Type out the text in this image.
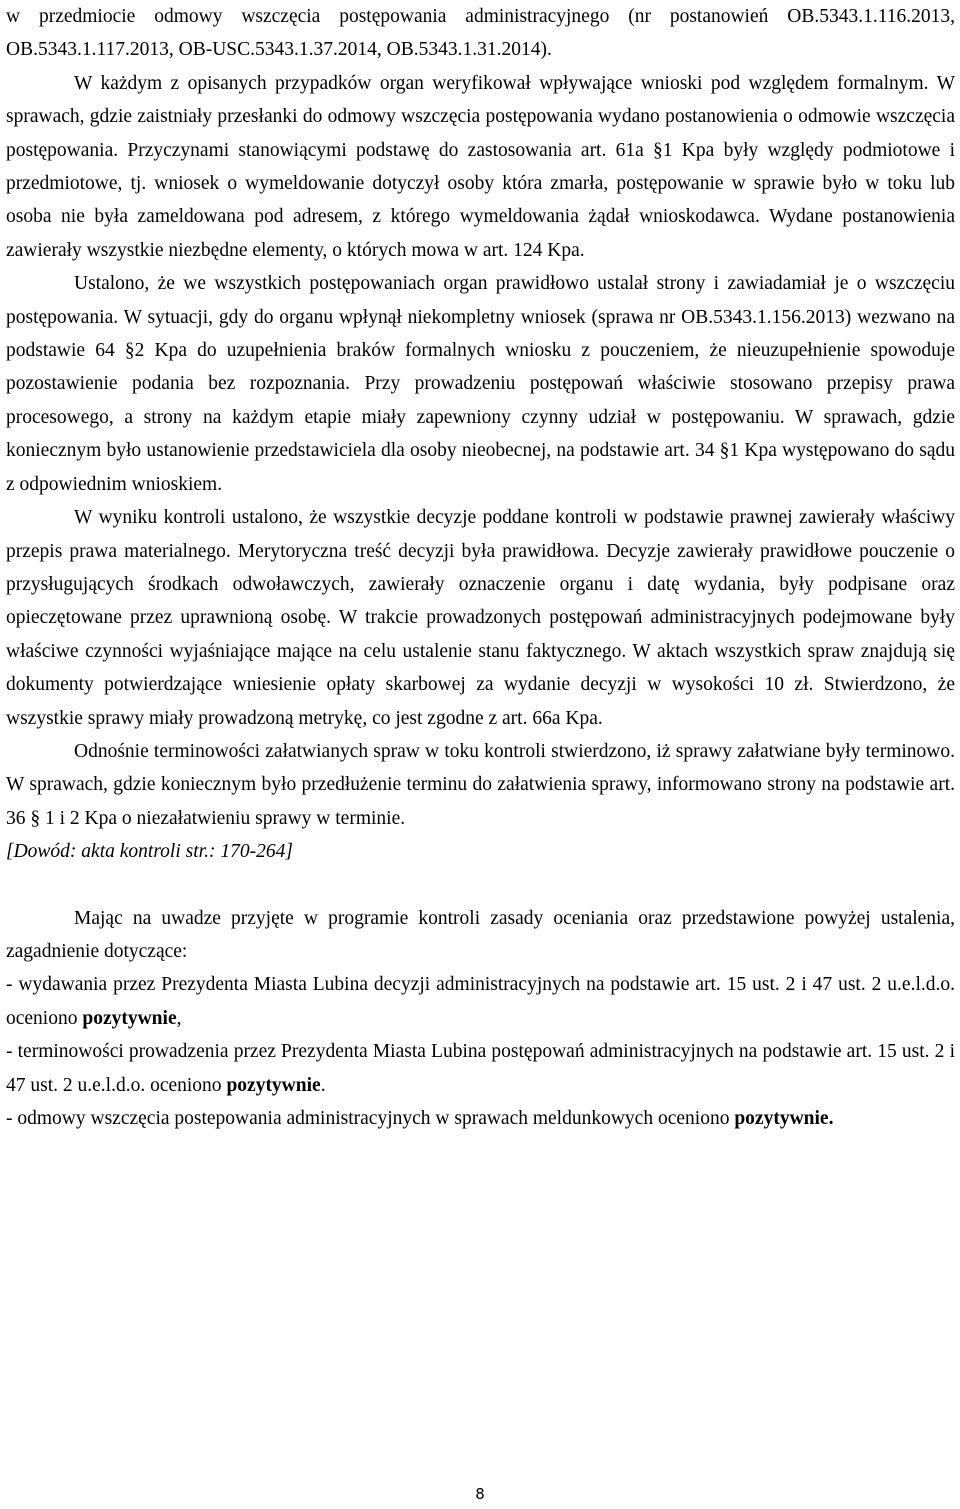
w przedmiocie odmowy wszczęcia postępowania administracyjnego (nr postanowień OB.5343.1.116.2013, OB.5343.1.117.2013, OB-USC.5343.1.37.2014, OB.5343.1.31.2014).

W każdym z opisanych przypadków organ weryfikował wpływające wnioski pod względem formalnym. W sprawach, gdzie zaistniały przesłanki do odmowy wszczęcia postępowania wydano postanowienia o odmowie wszczęcia postępowania. Przyczynami stanowiącymi podstawę do zastosowania art. 61a §1 Kpa były względy podmiotowe i przedmiotowe, tj. wniosek o wymeldowanie dotyczył osoby która zmarła, postępowanie w sprawie było w toku lub osoba nie była zameldowana pod adresem, z którego wymeldowania żądał wnioskodawca. Wydane postanowienia zawierały wszystkie niezbędne elementy, o których mowa w art. 124 Kpa.

Ustalono, że we wszystkich postępowaniach organ prawidłowo ustalał strony i zawiadamiał je o wszczęciu postępowania. W sytuacji, gdy do organu wpłynął niekompletny wniosek (sprawa nr OB.5343.1.156.2013) wezwano na podstawie 64 §2 Kpa do uzupełnienia braków formalnych wniosku z pouczeniem, że nieuzupełnienie spowoduje pozostawienie podania bez rozpoznania. Przy prowadzeniu postępowań właściwie stosowano przepisy prawa procesowego, a strony na każdym etapie miały zapewniony czynny udział w postępowaniu. W sprawach, gdzie koniecznym było ustanowienie przedstawiciela dla osoby nieobecnej, na podstawie art. 34 §1 Kpa występowano do sądu z odpowiednim wnioskiem.

W wyniku kontroli ustalono, że wszystkie decyzje poddane kontroli w podstawie prawnej zawierały właściwy przepis prawa materialnego. Merytoryczna treść decyzji była prawidłowa. Decyzje zawierały prawidłowe pouczenie o przysługujących środkach odwoławczych, zawierały oznaczenie organu i datę wydania, były podpisane oraz opieczętowane przez uprawnioną osobę. W trakcie prowadzonych postępowań administracyjnych podejmowane były właściwe czynności wyjaśniające mające na celu ustalenie stanu faktycznego. W aktach wszystkich spraw znajdują się dokumenty potwierdzające wniesienie opłaty skarbowej za wydanie decyzji w wysokości 10 zł. Stwierdzono, że wszystkie sprawy miały prowadzoną metrykę, co jest zgodne z art. 66a Kpa.

Odnośnie terminowości załatwianych spraw w toku kontroli stwierdzono, iż sprawy załatwiane były terminowo. W sprawach, gdzie koniecznym było przedłużenie terminu do załatwienia sprawy, informowano strony na podstawie art. 36 § 1 i 2 Kpa o niezałatwieniu sprawy w terminie.

[Dowód: akta kontroli str.: 170-264]

Mając na uwadze przyjęte w programie kontroli zasady oceniania oraz przedstawione powyżej ustalenia, zagadnienie dotyczące:

- wydawania przez Prezydenta Miasta Lubina decyzji administracyjnych na podstawie art. 15 ust. 2 i 47 ust. 2 u.e.l.d.o. oceniono pozytywnie,

- terminowości prowadzenia przez Prezydenta Miasta Lubina postępowań administracyjnych na podstawie art. 15 ust. 2 i 47 ust. 2 u.e.l.d.o. oceniono pozytywnie.

- odmowy wszczęcia postepowania administracyjnych w sprawach meldunkowych oceniono pozytywnie.

8
